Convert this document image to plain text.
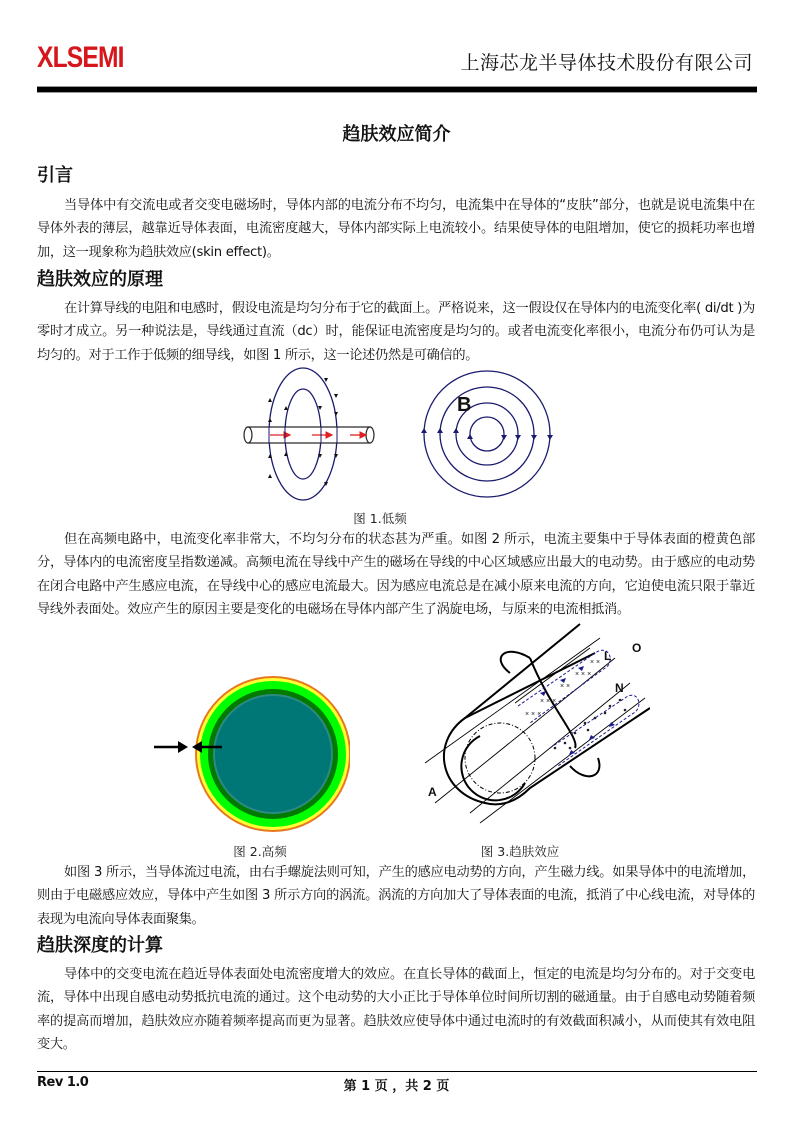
XLSEMI	上海芯龙半导体技术股份有限公司
趋肤效应简介
引言
当导体中有交流电或者交变电磁场时，导体内部的电流分布不均匀，电流集中在导体的“皮肤”部分，也就是说电流集中在导体外表的薄层，越靠近导体表面，电流密度越大，导体内部实际上电流较小。结果使导体的电阻增加，使它的损耗功率也增加，这一现象称为趋肤效应(skin effect)。
趋肤效应的原理
在计算导线的电阻和电感时，假设电流是均匀分布于它的截面上。严格说来，这一假设仅在导体内的电流变化率( di/dt )为零时才成立。另一种说法是，导线通过直流（dc）时，能保证电流密度是均匀的。或者电流变化率很小，电流分布仍可认为是均匀的。对于工作于低频的细导线，如图 1 所示，这一论述仍然是可确信的。
B
图 1.低频
但在高频电路中，电流变化率非常大，不均匀分布的状态甚为严重。如图 2 所示，电流主要集中于导体表面的橙黄色部分，导体内的电流密度呈指数递减。高频电流在导线中产生的磁场在导线的中心区域感应出最大的电动势。由于感应的电动势在闭合电路中产生感应电流，在导线中心的感应电流最大。因为感应电流总是在减小原来电流的方向，它迫使电流只限于靠近导线外表面处。效应产生的原因主要是变化的电磁场在导体内部产生了涡旋电场，与原来的电流相抵消。
图 2.高频
× ×
× × ×
× × ×
× × ×
× × L
O
N
A
图 3.趋肤效应
如图 3 所示，当导体流过电流，由右手螺旋法则可知，产生的感应电动势的方向，产生磁力线。如果导体中的电流增加，则由于电磁感应效应，导体中产生如图 3 所示方向的涡流。涡流的方向加大了导体表面的电流，抵消了中心线电流，对导体的表现为电流向导体表面聚集。
趋肤深度的计算
导体中的交变电流在趋近导体表面处电流密度增大的效应。在直长导体的截面上，恒定的电流是均匀分布的。对于交变电流，导体中出现自感电动势抵抗电流的通过。这个电动势的大小正比于导体单位时间所切割的磁通量。由于自感电动势随着频率的提高而增加，趋肤效应亦随着频率提高而更为显著。趋肤效应使导体中通过电流时的有效截面积减小，从而使其有效电阻变大。
Rev 1.0	第 1 页 ，共 2 页
